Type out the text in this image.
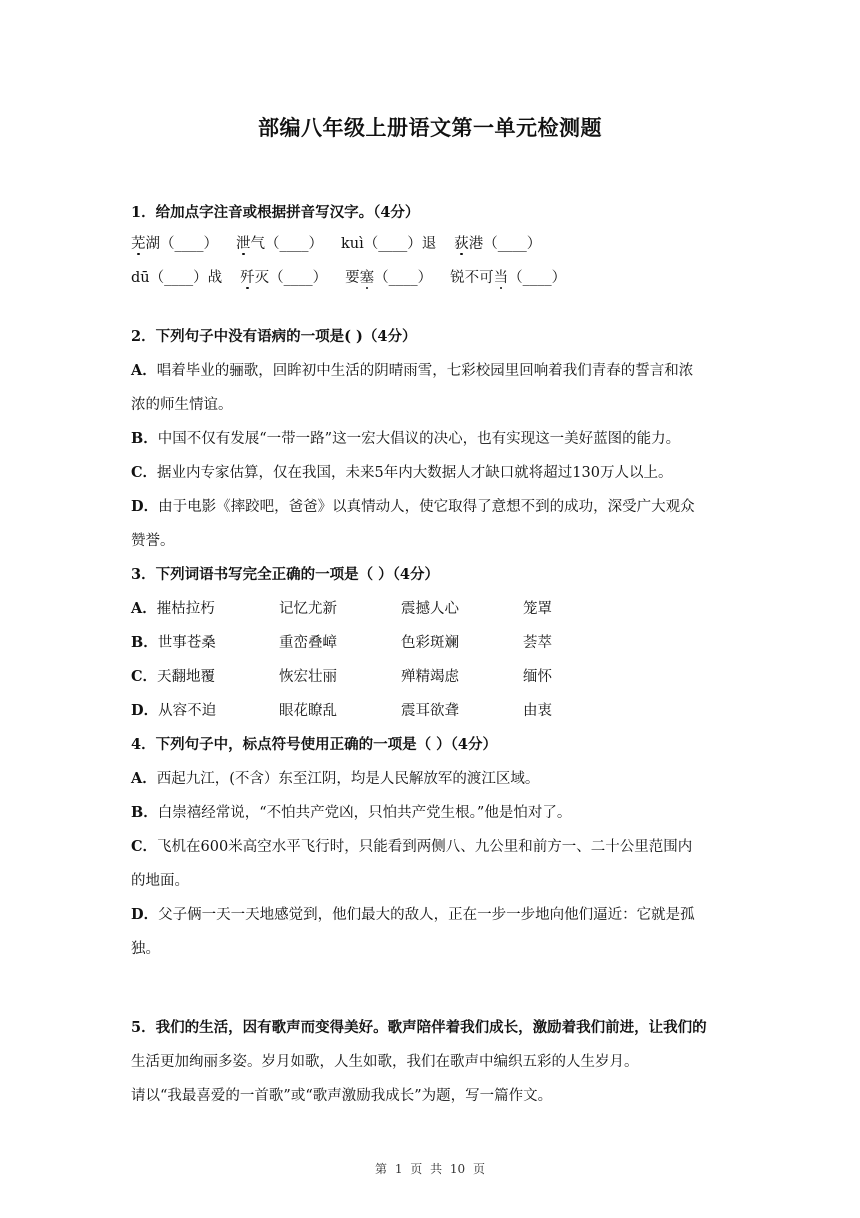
部编八年级上册语文第一单元检测题
1．给加点字注音或根据拼音写汉字。（4分）
芜湖（____） 泄气（____） kuì（____）退 荻港（____）
dū（____）战 歼灭（____） 要塞（____） 锐不可当（____）
2．下列句子中没有语病的一项是( )（4分）
A．唱着毕业的骊歌，回眸初中生活的阴晴雨雪，七彩校园里回响着我们青春的誓言和浓
浓的师生情谊。
B．中国不仅有发展“一带一路”这一宏大倡议的决心，也有实现这一美好蓝图的能力。
C．据业内专家估算，仅在我国，未来5年内大数据人才缺口就将超过130万人以上。
D．由于电影《摔跤吧，爸爸》以真情动人，使它取得了意想不到的成功，深受广大观众
赞誉。
3．下列词语书写完全正确的一项是（ ）（4分）
A．摧枯拉朽	记忆尤新	震撼人心	笼罩
B．世事苍桑	重峦叠嶂	色彩斑斓	荟萃
C．天翻地覆	恢宏壮丽	殚精竭虑	缅怀
D．从容不迫	眼花瞭乱	震耳欲聋	由衷
4．下列句子中，标点符号使用正确的一项是（ ）（4分）
A．西起九江，(不含）东至江阴，均是人民解放军的渡江区域。
B．白崇禧经常说，“不怕共产党凶，只怕共产党生根。”他是怕对了。
C．飞机在600米高空水平飞行时，只能看到两侧八、九公里和前方一、二十公里范围内
的地面。
D．父子俩一天一天地感觉到，他们最大的敌人，正在一步一步地向他们逼近：它就是孤
独。
5．我们的生活，因有歌声而变得美好。歌声陪伴着我们成长，激励着我们前进，让我们的
生活更加绚丽多姿。岁月如歌，人生如歌，我们在歌声中编织五彩的人生岁月。
请以“我最喜爱的一首歌”或“歌声激励我成长”为题，写一篇作文。
第 1 页 共 10 页
